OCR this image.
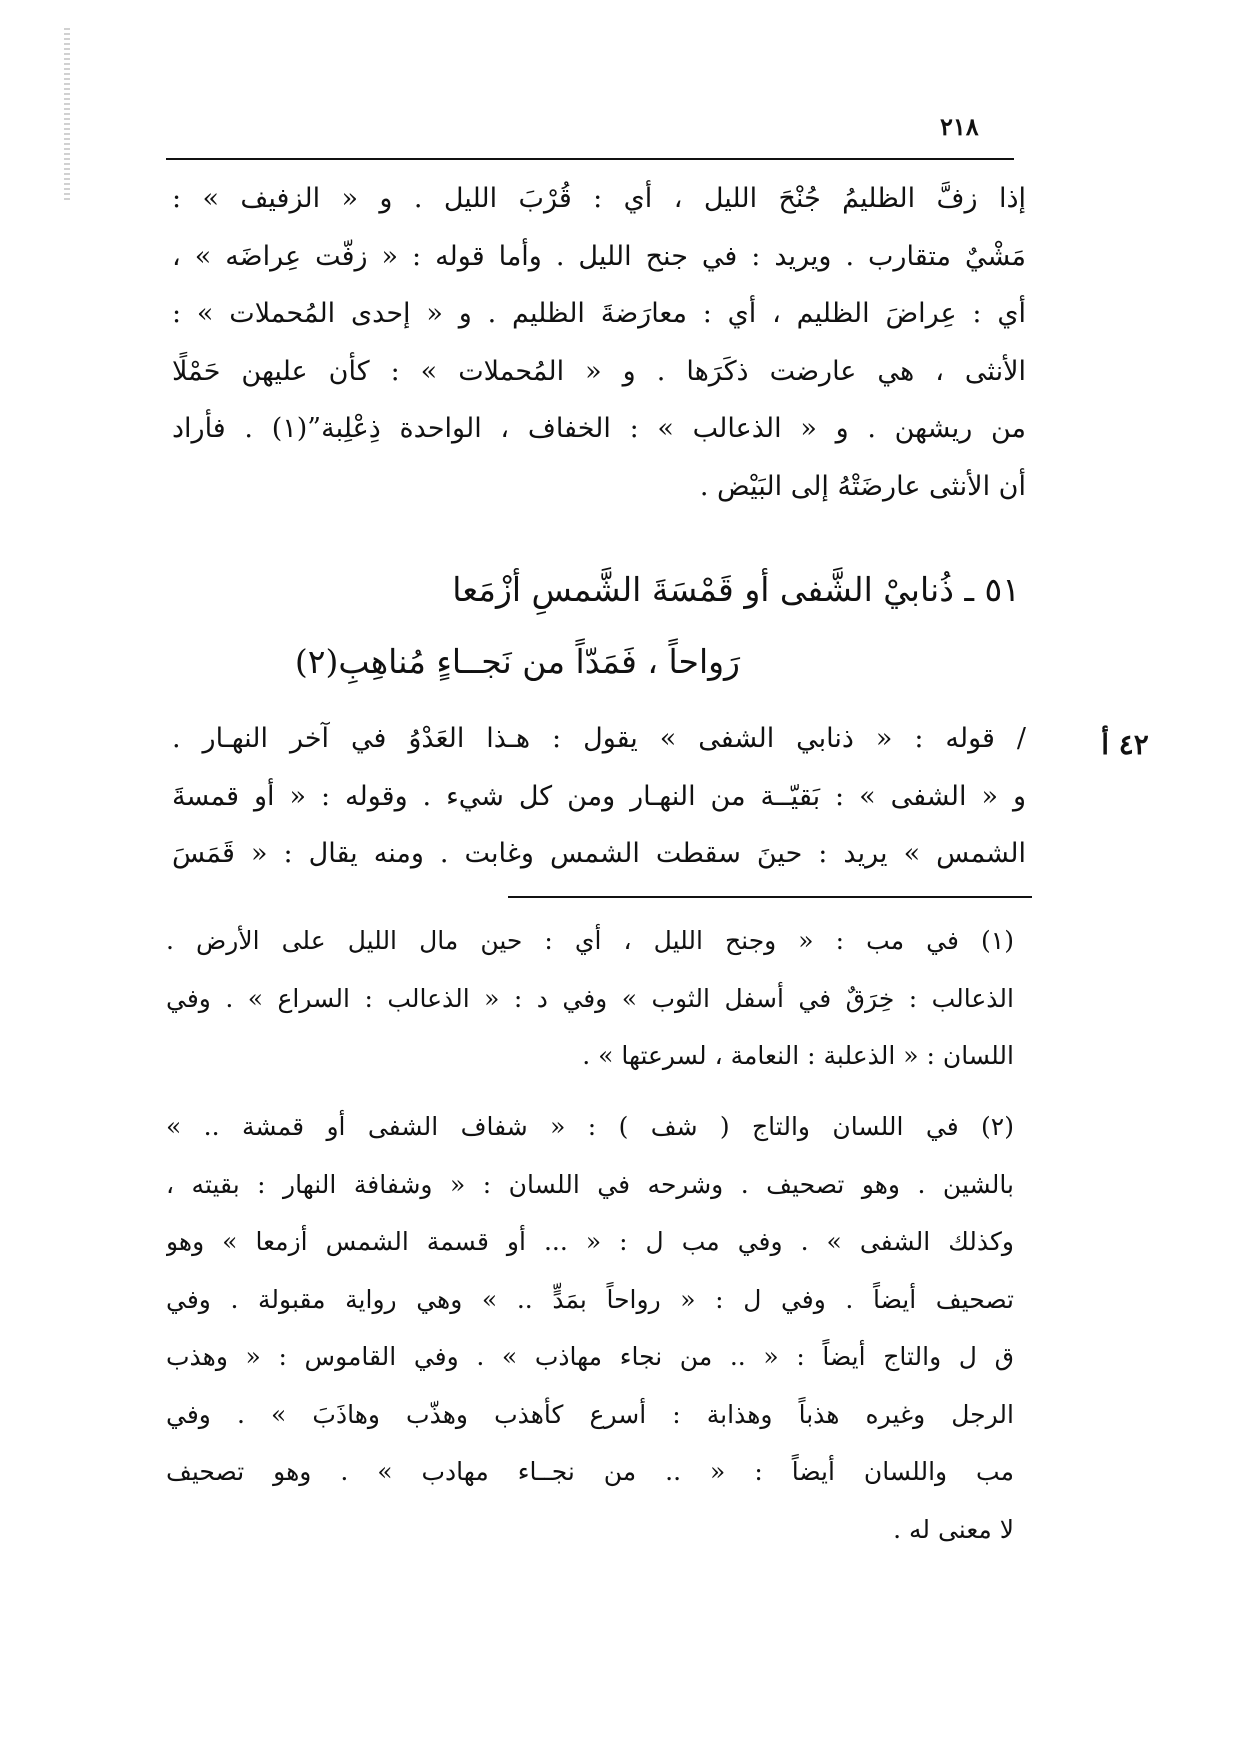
٢١٨
إذا زفَّ الظليمُ جُنْحَ الليل ، أي : قُرْبَ الليل . و « الزفيف » :
مَشْيٌ متقارب . ويريد : في جنح الليل . وأما قوله : « زفّت عِراضَه » ،
أي : عِراضَ الظليم ، أي : معارَضةَ الظليم . و « إحدى المُحملات » :
الأنثى ، هي عارضت ذكَرَها . و « المُحملات » : كأن عليهن حَمْلًا
من ريشهن . و « الذعالب » : الخفاف ، الواحدة ذِعْلِبة”(١) . فأراد
أن الأنثى عارضَتْهُ إلى البَيْض .
٥١ ـ ذُنابيْ الشَّفى أو قَمْسَةَ الشَّمسِ أزْمَعا
رَواحاً ، فَمَدّاً من نَجــاءٍ مُناهِبِ(٢)
٤٢ أ
/ قوله : « ذنابي الشفى » يقول : هـذا العَدْوُ في آخر النهـار .
و « الشفى » : بَقيّــة من النهـار ومن كل شيء . وقوله : « أو قمسةَ
الشمس » يريد : حينَ سقطت الشمس وغابت . ومنه يقال : « قَمَسَ
(١) في مب : « وجنح الليل ، أي : حين مال الليل على الأرض .
الذعالب : خِرَقٌ في أسفل الثوب » وفي د : « الذعالب : السراع » . وفي
اللسان : « الذعلبة : النعامة ، لسرعتها » .
(٢) في اللسان والتاج ( شف ) : « شفاف الشفى أو قمشة .. »
بالشين . وهو تصحيف . وشرحه في اللسان : « وشفافة النهار : بقيته ،
وكذلك الشفى » . وفي مب ل : « ... أو قسمة الشمس أزمعا » وهو
تصحيف أيضاً . وفي ل : « رواحاً بمَدٍّ .. » وهي رواية مقبولة . وفي
ق ل والتاج أيضاً : « .. من نجاء مهاذب » . وفي القاموس : « وهذب
الرجل وغيره هذباً وهذابة : أسرع كأهذب وهذّب وهاذَبَ » . وفي
مب واللسان أيضاً : « .. من نجــاء مهادب » . وهو تصحيف
لا معنى له .
